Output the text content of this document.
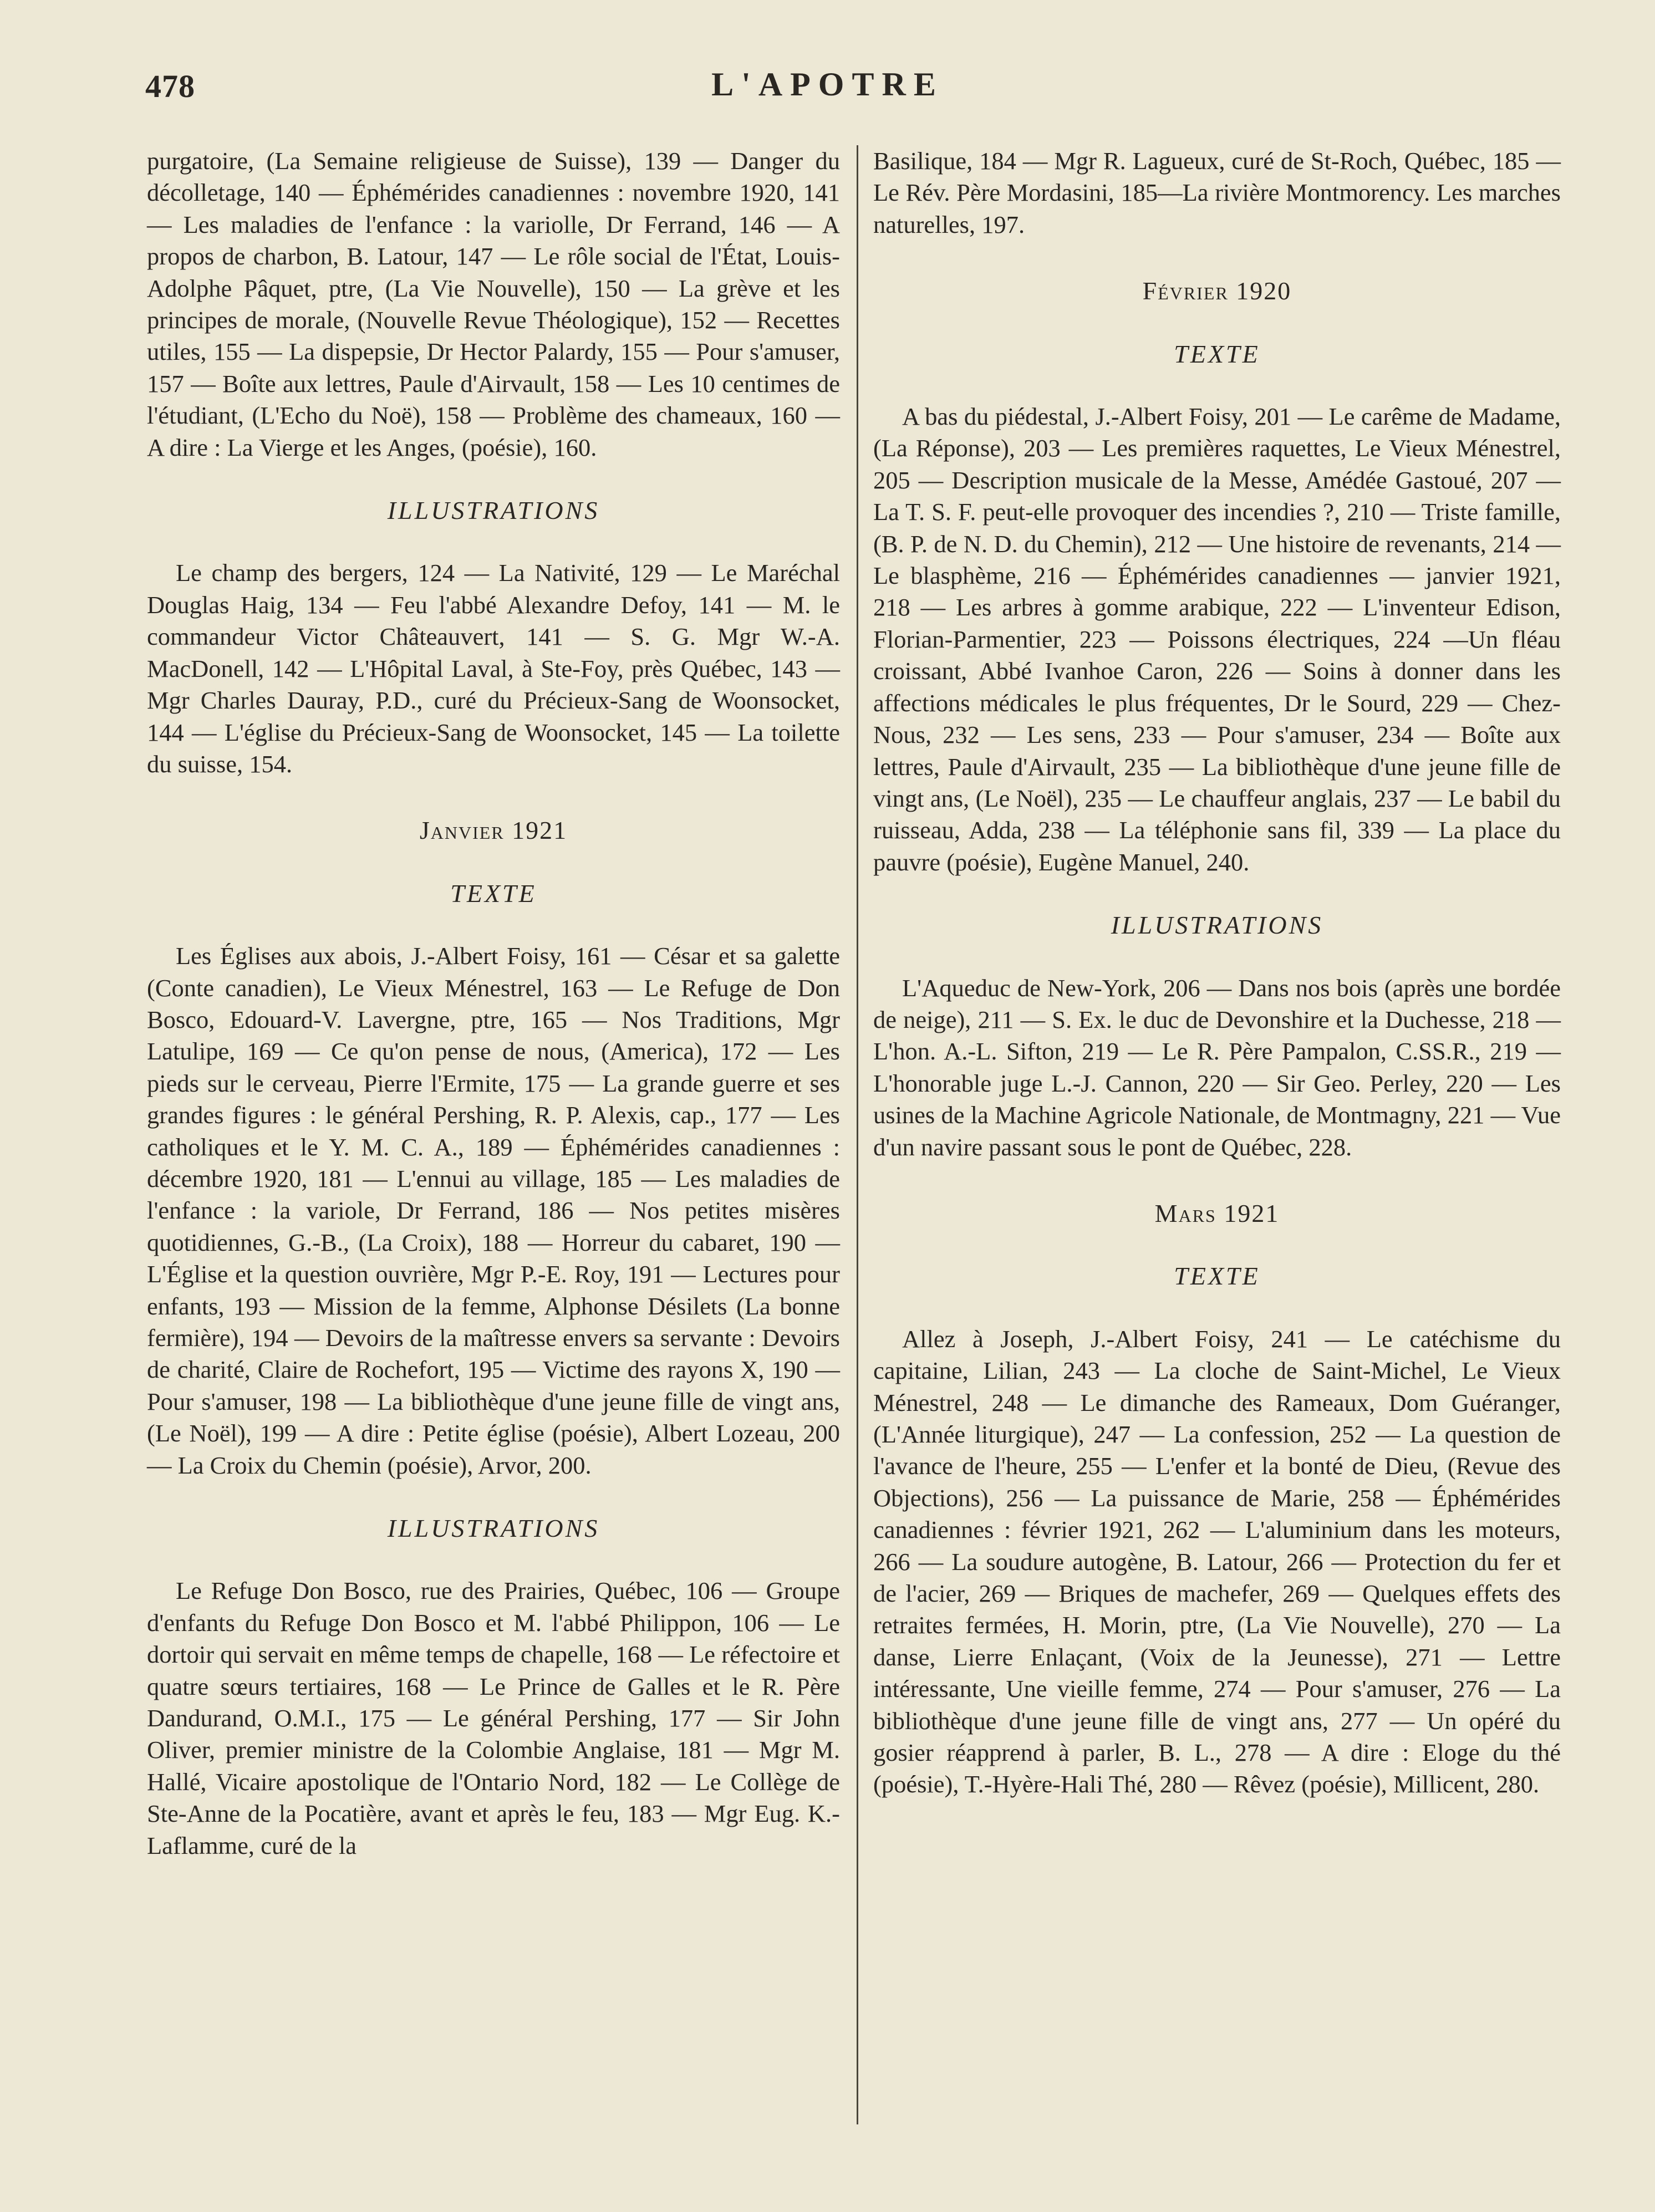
478	L'APOTRE

purgatoire, (La Semaine religieuse de Suisse), 139 — Danger du décolletage, 140 — Éphémérides canadiennes : novembre 1920, 141 — Les maladies de l'enfance : la variolle, Dr Ferrand, 146 — A propos de charbon, B. Latour, 147 — Le rôle social de l'État, Louis-Adolphe Pâquet, ptre, (La Vie Nouvelle), 150 — La grève et les principes de morale, (Nouvelle Revue Théologique), 152 — Recettes utiles, 155 — La dispepsie, Dr Hector Palardy, 155 — Pour s'amuser, 157 — Boîte aux lettres, Paule d'Airvault, 158 — Les 10 centimes de l'étudiant, (L'Echo du Noë), 158 — Problème des chameaux, 160 — A dire : La Vierge et les Anges, (poésie), 160.

ILLUSTRATIONS

Le champ des bergers, 124 — La Nativité, 129 — Le Maréchal Douglas Haig, 134 — Feu l'abbé Alexandre Defoy, 141 — M. le commandeur Victor Châteauvert, 141 — S. G. Mgr W.-A. MacDonell, 142 — L'Hôpital Laval, à Ste-Foy, près Québec, 143 — Mgr Charles Dauray, P.D., curé du Précieux-Sang de Woonsocket, 144 — L'église du Précieux-Sang de Woonsocket, 145 — La toilette du suisse, 154.

Janvier 1921
TEXTE

Les Églises aux abois, J.-Albert Foisy, 161 — César et sa galette (Conte canadien), Le Vieux Ménestrel, 163 — Le Refuge de Don Bosco, Edouard-V. Lavergne, ptre, 165 — Nos Traditions, Mgr Latulipe, 169 — Ce qu'on pense de nous, (America), 172 — Les pieds sur le cerveau, Pierre l'Ermite, 175 — La grande guerre et ses grandes figures : le général Pershing, R. P. Alexis, cap., 177 — Les catholiques et le Y. M. C. A., 189 — Éphémérides canadiennes : décembre 1920, 181 — L'ennui au village, 185 — Les maladies de l'enfance : la variole, Dr Ferrand, 186 — Nos petites misères quotidiennes, G.-B., (La Croix), 188 — Horreur du cabaret, 190 — L'Église et la question ouvrière, Mgr P.-E. Roy, 191 — Lectures pour enfants, 193 — Mission de la femme, Alphonse Désilets (La bonne fermière), 194 — Devoirs de la maîtresse envers sa servante : Devoirs de charité, Claire de Rochefort, 195 — Victime des rayons X, 190 — Pour s'amuser, 198 — La bibliothèque d'une jeune fille de vingt ans, (Le Noël), 199 — A dire : Petite église (poésie), Albert Lozeau, 200 — La Croix du Chemin (poésie), Arvor, 200.

ILLUSTRATIONS

Le Refuge Don Bosco, rue des Prairies, Québec, 106 — Groupe d'enfants du Refuge Don Bosco et M. l'abbé Philippon, 106 — Le dortoir qui servait en même temps de chapelle, 168 — Le réfectoire et quatre sœurs tertiaires, 168 — Le Prince de Galles et le R. Père Dandurand, O.M.I., 175 — Le général Pershing, 177 — Sir John Oliver, premier ministre de la Colombie Anglaise, 181 — Mgr M. Hallé, Vicaire apostolique de l'Ontario Nord, 182 — Le Collège de Ste-Anne de la Pocatière, avant et après le feu, 183 — Mgr Eug. K.-Laflamme, curé de la

Basilique, 184 — Mgr R. Lagueux, curé de St-Roch, Québec, 185 — Le Rév. Père Mordasini, 185—La rivière Montmorency. Les marches naturelles, 197.

Février 1920
TEXTE

A bas du piédestal, J.-Albert Foisy, 201 — Le carême de Madame, (La Réponse), 203 — Les premières raquettes, Le Vieux Ménestrel, 205 — Description musicale de la Messe, Amédée Gastoué, 207 — La T. S. F. peut-elle provoquer des incendies ?, 210 — Triste famille, (B. P. de N. D. du Chemin), 212 — Une histoire de revenants, 214 — Le blasphème, 216 — Éphémérides canadiennes — janvier 1921, 218 — Les arbres à gomme arabique, 222 — L'inventeur Edison, Florian-Parmentier, 223 — Poissons électriques, 224 —Un fléau croissant, Abbé Ivanhoe Caron, 226 — Soins à donner dans les affections médicales le plus fréquentes, Dr le Sourd, 229 — Chez-Nous, 232 — Les sens, 233 — Pour s'amuser, 234 — Boîte aux lettres, Paule d'Airvault, 235 — La bibliothèque d'une jeune fille de vingt ans, (Le Noël), 235 — Le chauffeur anglais, 237 — Le babil du ruisseau, Adda, 238 — La téléphonie sans fil, 339 — La place du pauvre (poésie), Eugène Manuel, 240.

ILLUSTRATIONS

L'Aqueduc de New-York, 206 — Dans nos bois (après une bordée de neige), 211 — S. Ex. le duc de Devonshire et la Duchesse, 218 — L'hon. A.-L. Sifton, 219 — Le R. Père Pampalon, C.SS.R., 219 — L'honorable juge L.-J. Cannon, 220 — Sir Geo. Perley, 220 — Les usines de la Machine Agricole Nationale, de Montmagny, 221 — Vue d'un navire passant sous le pont de Québec, 228.

Mars 1921
TEXTE

Allez à Joseph, J.-Albert Foisy, 241 — Le catéchisme du capitaine, Lilian, 243 — La cloche de Saint-Michel, Le Vieux Ménestrel, 248 — Le dimanche des Rameaux, Dom Guéranger, (L'Année liturgique), 247 — La confession, 252 — La question de l'avance de l'heure, 255 — L'enfer et la bonté de Dieu, (Revue des Objections), 256 — La puissance de Marie, 258 — Éphémérides canadiennes : février 1921, 262 — L'aluminium dans les moteurs, 266 — La soudure autogène, B. Latour, 266 — Protection du fer et de l'acier, 269 — Briques de machefer, 269 — Quelques effets des retraites fermées, H. Morin, ptre, (La Vie Nouvelle), 270 — La danse, Lierre Enlaçant, (Voix de la Jeunesse), 271 — Lettre intéressante, Une vieille femme, 274 — Pour s'amuser, 276 — La bibliothèque d'une jeune fille de vingt ans, 277 — Un opéré du gosier réapprend à parler, B. L., 278 — A dire : Eloge du thé (poésie), T.-Hyère-Hali Thé, 280 — Rêvez (poésie), Millicent, 280.
